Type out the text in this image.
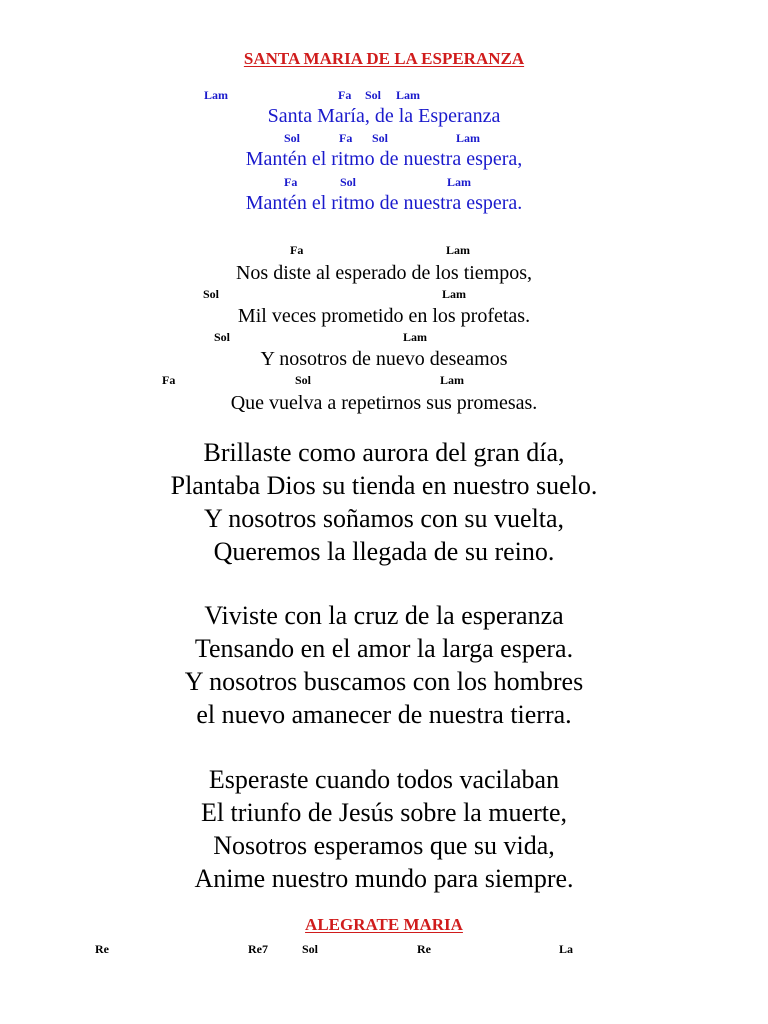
SANTA MARIA DE LA ESPERANZA
Lam	Fa Sol Lam
Santa María, de la Esperanza
Sol	Fa Sol	Lam
Mantén el ritmo de nuestra espera,
Fa	Sol	Lam
Mantén el ritmo de nuestra espera.
Fa	Lam
Nos diste al esperado de los tiempos,
Sol	Lam
Mil veces prometido en los profetas.
Sol	Lam
Y nosotros de nuevo deseamos
Fa	Sol	Lam
Que vuelva a repetirnos sus promesas.
Brillaste como aurora del gran día,
Plantaba Dios su tienda en nuestro suelo.
Y nosotros soñamos con su vuelta,
Queremos la llegada de su reino.
Viviste con la cruz de la esperanza
Tensando en el amor la larga espera.
Y nosotros buscamos con los hombres
el nuevo amanecer de nuestra tierra.
Esperaste cuando todos vacilaban
El triunfo de Jesús sobre la muerte,
Nosotros esperamos que su vida,
Anime nuestro mundo para siempre.
ALEGRATE MARIA
Re	Re7	Sol	Re	La
